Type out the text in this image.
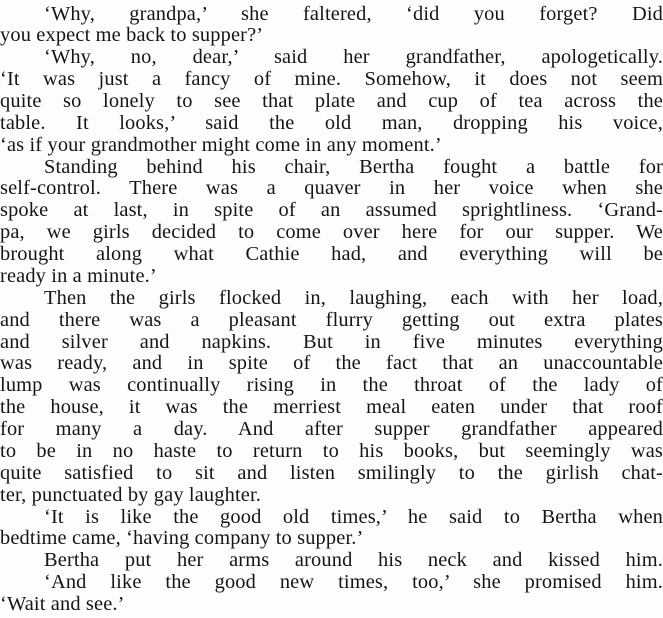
‘Why, grandpa,’ she faltered, ‘did you forget? Did
you expect me back to supper?’
‘Why, no, dear,’ said her grandfather, apologetically.
‘It was just a fancy of mine. Somehow, it does not seem
quite so lonely to see that plate and cup of tea across the
table. It looks,’ said the old man, dropping his voice,
‘as if your grandmother might come in any moment.’
Standing behind his chair, Bertha fought a battle for
self-control. There was a quaver in her voice when she
spoke at last, in spite of an assumed sprightliness. ‘Grand-
pa, we girls decided to come over here for our supper. We
brought along what Cathie had, and everything will be
ready in a minute.’
Then the girls flocked in, laughing, each with her load,
and there was a pleasant flurry getting out extra plates
and silver and napkins. But in five minutes everything
was ready, and in spite of the fact that an unaccountable
lump was continually rising in the throat of the lady of
the house, it was the merriest meal eaten under that roof
for many a day. And after supper grandfather appeared
to be in no haste to return to his books, but seemingly was
quite satisfied to sit and listen smilingly to the girlish chat-
ter, punctuated by gay laughter.
‘It is like the good old times,’ he said to Bertha when
bedtime came, ‘having company to supper.’
Bertha put her arms around his neck and kissed him.
‘And like the good new times, too,’ she promised him.
‘Wait and see.’
